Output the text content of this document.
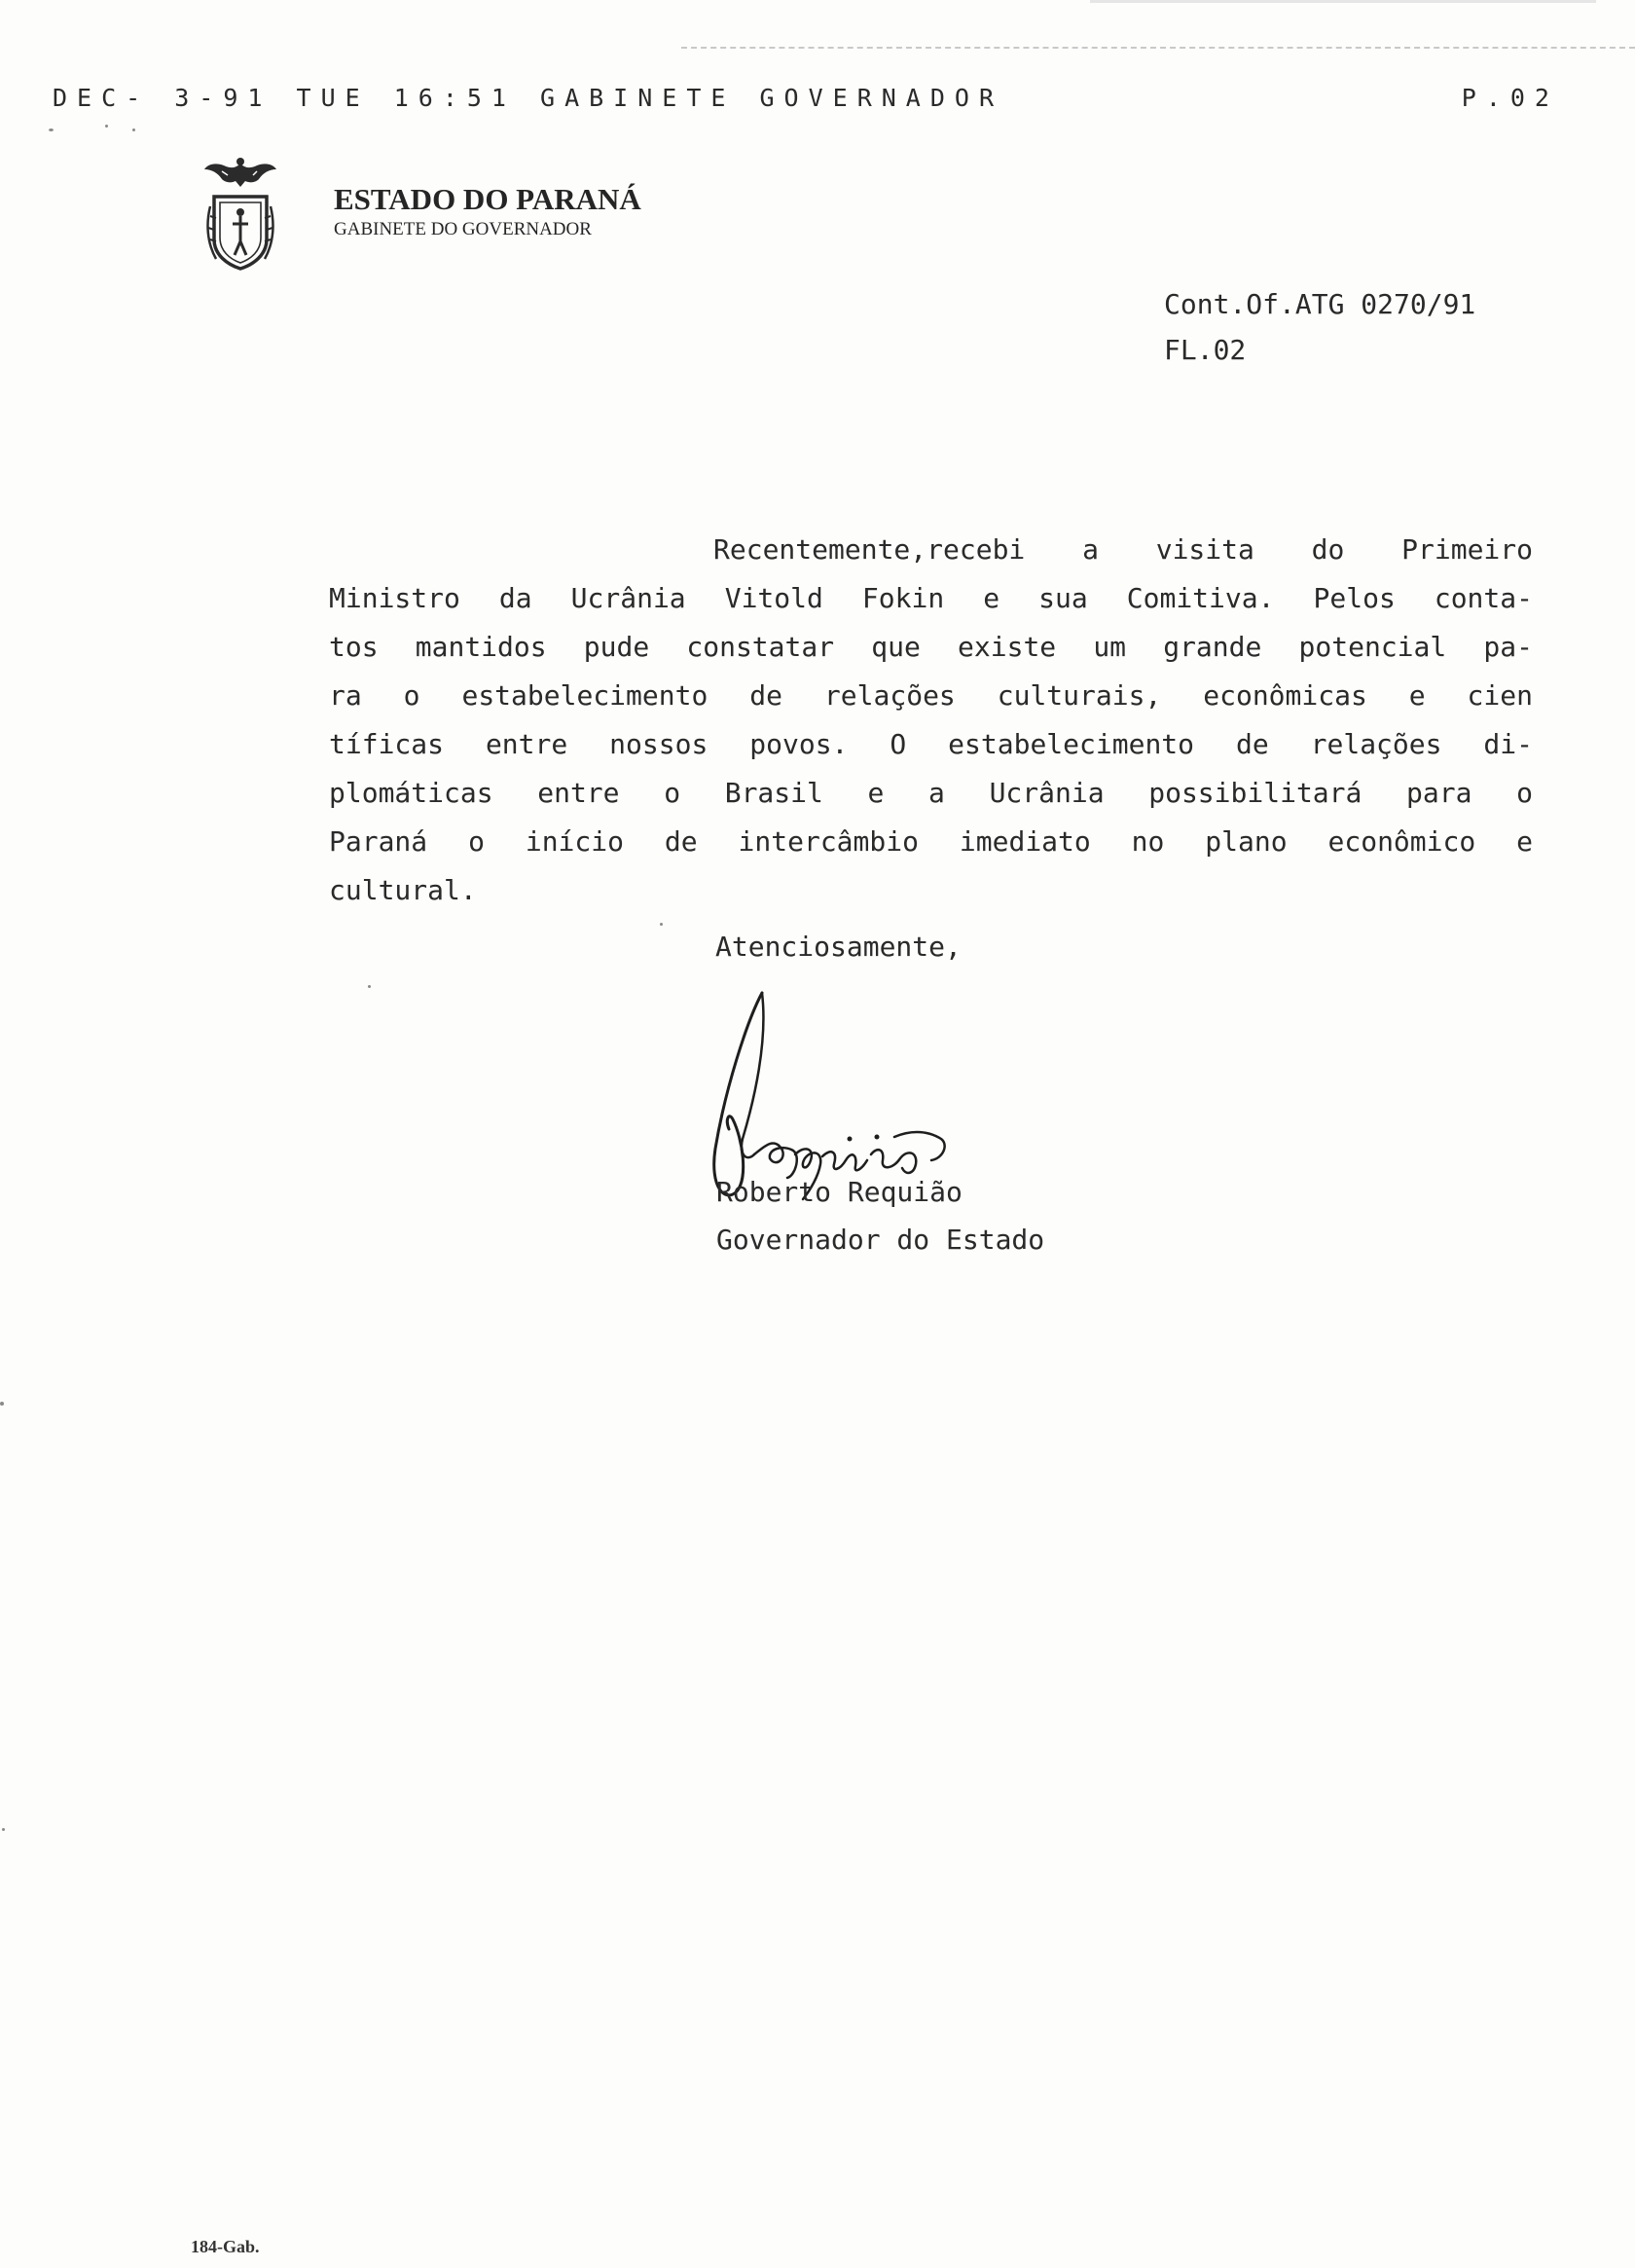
DEC- 3-91 TUE 16:51 GABINETE GOVERNADOR	P.02
ESTADO DO PARANÁ
GABINETE DO GOVERNADOR
Cont.Of.ATG 0270/91
FL.02
Recentemente,recebi a visita do Primeiro
Ministro da Ucrânia Vitold Fokin e sua Comitiva. Pelos conta-
tos mantidos pude constatar que existe um grande potencial pa-
ra o estabelecimento de relações culturais, econômicas e cien
tíficas entre nossos povos. O estabelecimento de relações di-
plomáticas entre o Brasil e a Ucrânia possibilitará para o
Paraná o início de intercâmbio imediato no plano econômico e
cultural.
Atenciosamente,
Roberto Requião
Governador do Estado
184-Gab.
